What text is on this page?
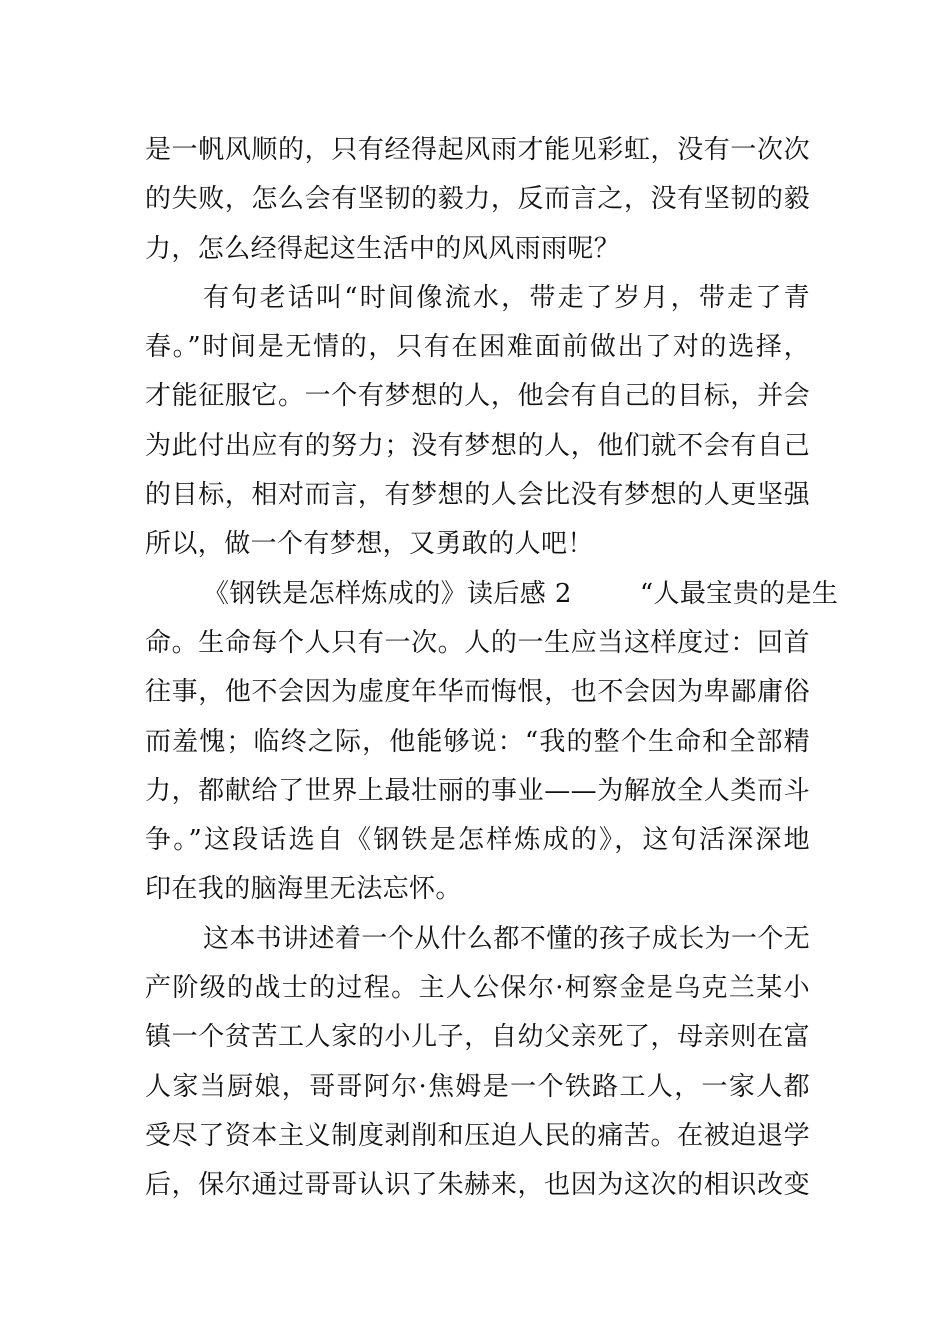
是一帆风顺的，只有经得起风雨才能见彩虹，没有一次次
的失败，怎么会有坚韧的毅力，反而言之，没有坚韧的毅
力，怎么经得起这生活中的风风雨雨呢？
有句老话叫“时间像流水，带走了岁月，带走了青
春。”时间是无情的，只有在困难面前做出了对的选择，
才能征服它。一个有梦想的人，他会有自己的目标，并会
为此付出应有的努力；没有梦想的人，他们就不会有自己
的目标，相对而言，有梦想的人会比没有梦想的人更坚强
所以，做一个有梦想，又勇敢的人吧！
《钢铁是怎样炼成的》读后感 2	“人最宝贵的是生
命。生命每个人只有一次。人的一生应当这样度过：回首
往事，他不会因为虚度年华而悔恨，也不会因为卑鄙庸俗
而羞愧；临终之际，他能够说：“我的整个生命和全部精
力，都献给了世界上最壮丽的事业——为解放全人类而斗
争。”这段话选自《钢铁是怎样炼成的》，这句活深深地
印在我的脑海里无法忘怀。
这本书讲述着一个从什么都不懂的孩子成长为一个无
产阶级的战士的过程。主人公保尔·柯察金是乌克兰某小
镇一个贫苦工人家的小儿子，自幼父亲死了，母亲则在富
人家当厨娘，哥哥阿尔·焦姆是一个铁路工人，一家人都
受尽了资本主义制度剥削和压迫人民的痛苦。在被迫退学
后，保尔通过哥哥认识了朱赫来，也因为这次的相识改变
